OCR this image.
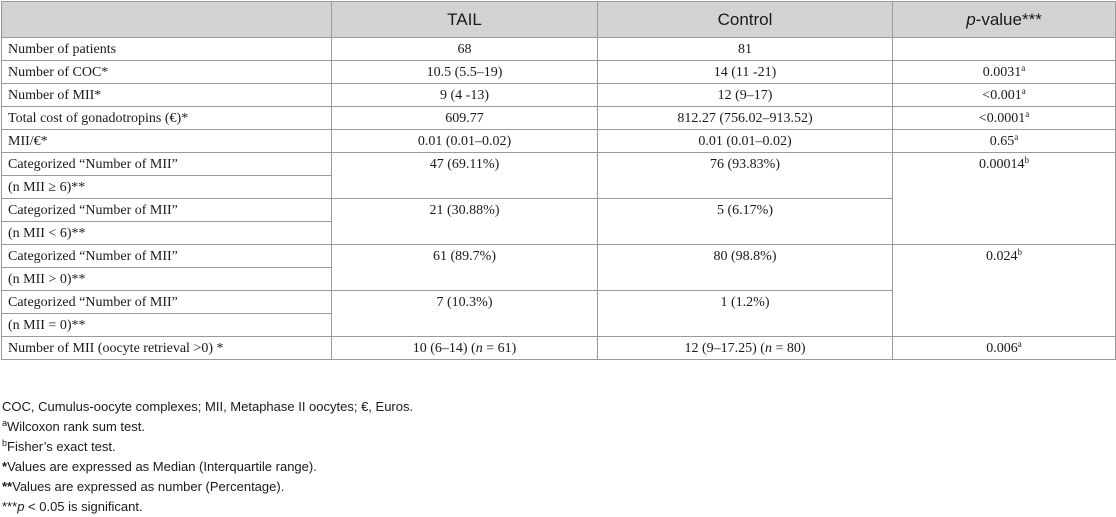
	TAIL	Control	p-value***
Number of patients	68	81	
Number of COC*	10.5 (5.5–19)	14 (11 -21)	0.0031$^a$
Number of MII*	9 (4 -13)	12 (9–17)	<0.001$^a$
Total cost of gonadotropins (€)*	609.77	812.27 (756.02–913.52)	<0.0001$^a$
MII/€*	0.01 (0.01–0.02)	0.01 (0.01–0.02)	0.65$^a$
Categorized “Number of MII”	47 (69.11%)	76 (93.83%)	0.00014$^b$
(n MII ≥ 6)**			
Categorized “Number of MII”	21 (30.88%)	5 (6.17%)	
(n MII < 6)**			
Categorized “Number of MII”	61 (89.7%)	80 (98.8%)	0.024$^b$
(n MII > 0)**			
Categorized “Number of MII”	7 (10.3%)	1 (1.2%)	
(n MII = 0)**			
Number of MII (oocyte retrieval >0) *	10 (6–14) (n = 61)	12 (9–17.25) (n = 80)	0.006$^a$
COC, Cumulus-oocyte complexes; MII, Metaphase II oocytes; €, Euros.
$^a$Wilcoxon rank sum test.
$^b$Fisher’s exact test.
*Values are expressed as Median (Interquartile range).
**Values are expressed as number (Percentage).
***p < 0.05 is significant.
